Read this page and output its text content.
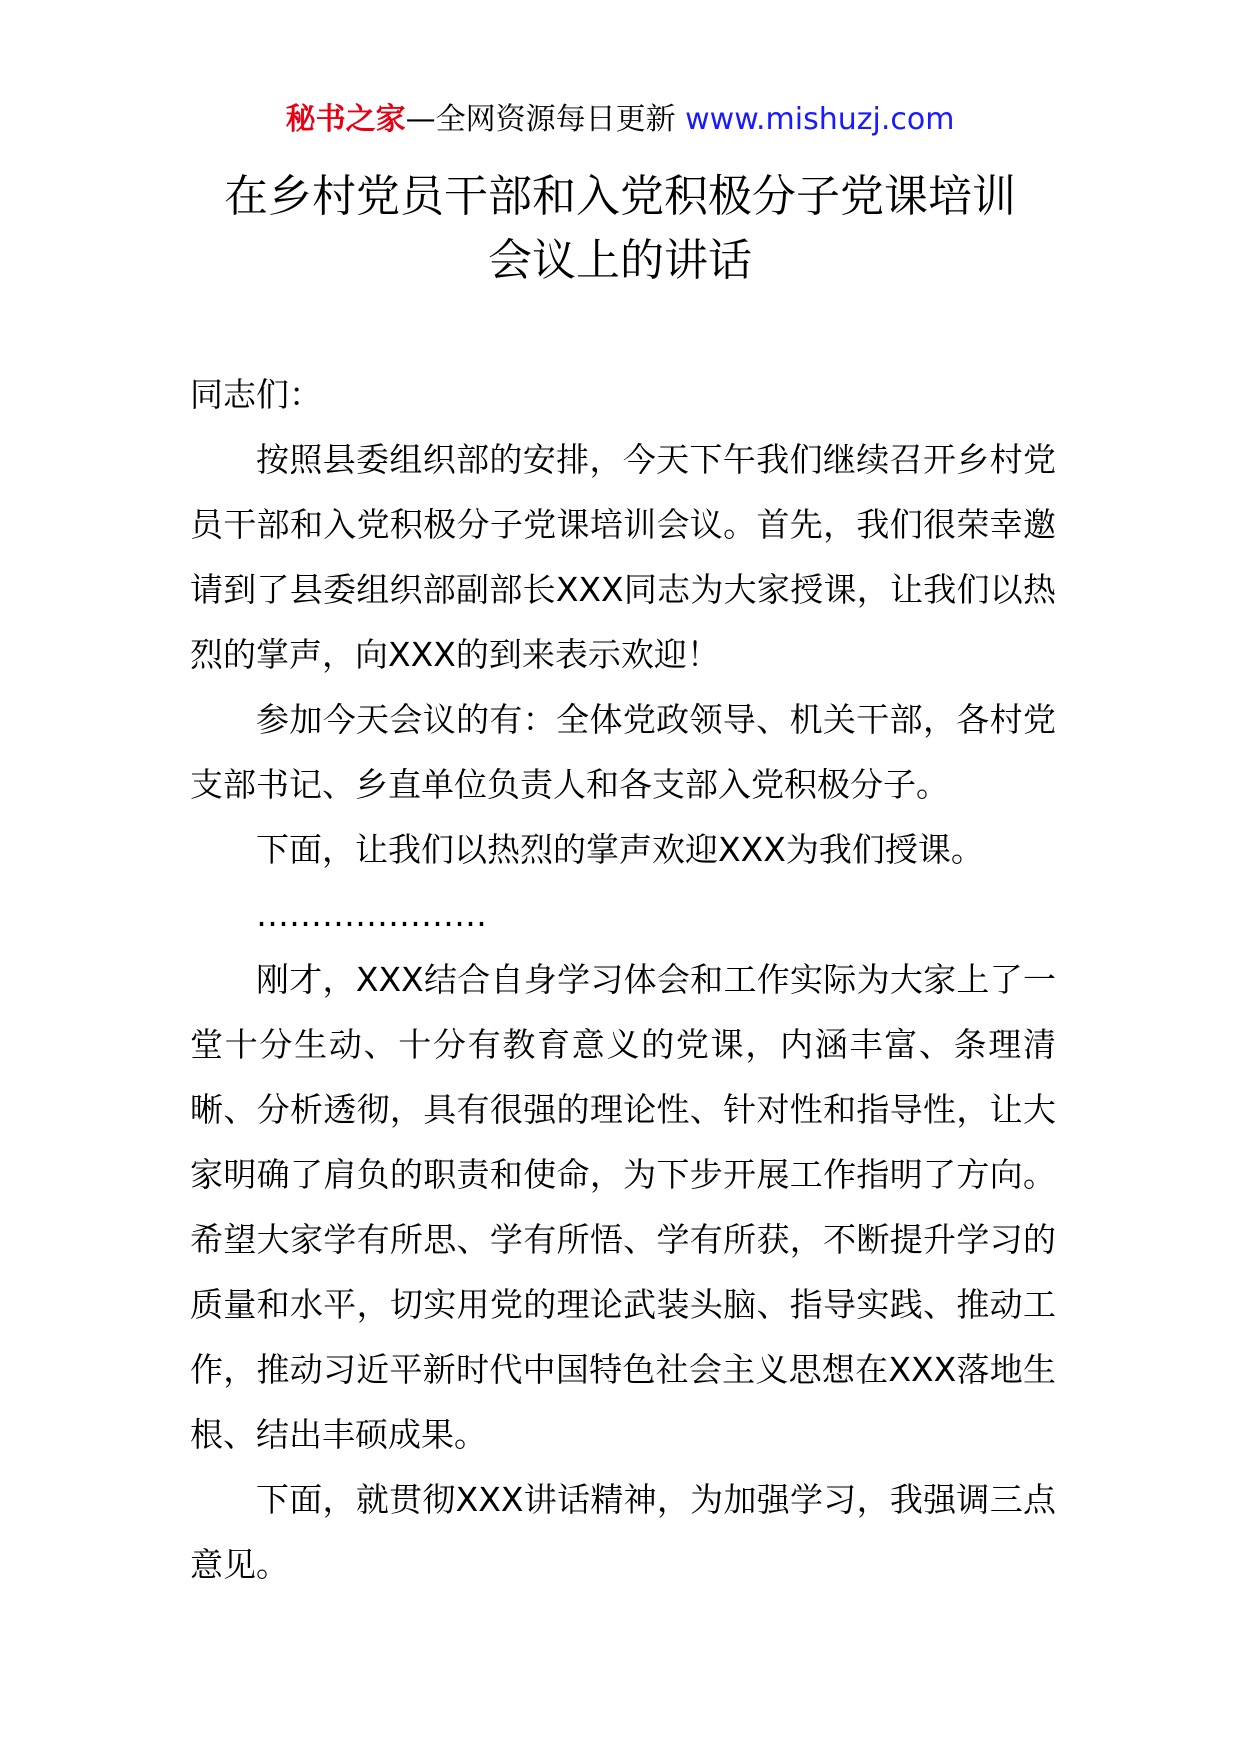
秘书之家—全网资源每日更新 www.mishuzj.com
在乡村党员干部和入党积极分子党课培训
会议上的讲话

同志们：

按照县委组织部的安排，今天下午我们继续召开乡村党员干部和入党积极分子党课培训会议。首先，我们很荣幸邀请到了县委组织部副部长XXX同志为大家授课，让我们以热烈的掌声，向XXX的到来表示欢迎！

参加今天会议的有：全体党政领导、机关干部，各村党支部书记、乡直单位负责人和各支部入党积极分子。

下面，让我们以热烈的掌声欢迎XXX为我们授课。

…………………

刚才，XXX结合自身学习体会和工作实际为大家上了一堂十分生动、十分有教育意义的党课，内涵丰富、条理清晰、分析透彻，具有很强的理论性、针对性和指导性，让大家明确了肩负的职责和使命，为下步开展工作指明了方向。希望大家学有所思、学有所悟、学有所获，不断提升学习的质量和水平，切实用党的理论武装头脑、指导实践、推动工作，推动习近平新时代中国特色社会主义思想在XXX落地生根、结出丰硕成果。

下面，就贯彻XXX讲话精神，为加强学习，我强调三点意见。
